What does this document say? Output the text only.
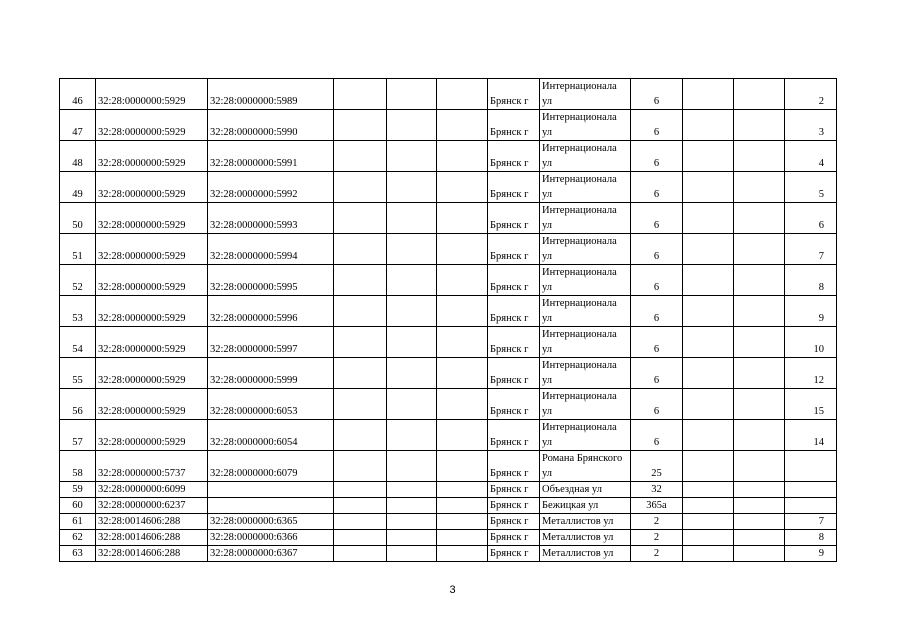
46	32:28:0000000:5929	32:28:0000000:5989				Брянск г	Интернационала ул	6			2
47	32:28:0000000:5929	32:28:0000000:5990				Брянск г	Интернационала ул	6			3
48	32:28:0000000:5929	32:28:0000000:5991				Брянск г	Интернационала ул	6			4
49	32:28:0000000:5929	32:28:0000000:5992				Брянск г	Интернационала ул	6			5
50	32:28:0000000:5929	32:28:0000000:5993				Брянск г	Интернационала ул	6			6
51	32:28:0000000:5929	32:28:0000000:5994				Брянск г	Интернационала ул	6			7
52	32:28:0000000:5929	32:28:0000000:5995				Брянск г	Интернационала ул	6			8
53	32:28:0000000:5929	32:28:0000000:5996				Брянск г	Интернационала ул	6			9
54	32:28:0000000:5929	32:28:0000000:5997				Брянск г	Интернационала ул	6			10
55	32:28:0000000:5929	32:28:0000000:5999				Брянск г	Интернационала ул	6			12
56	32:28:0000000:5929	32:28:0000000:6053				Брянск г	Интернационала ул	6			15
57	32:28:0000000:5929	32:28:0000000:6054				Брянск г	Интернационала ул	6			14
58	32:28:0000000:5737	32:28:0000000:6079				Брянск г	Романа Брянского ул	25			
59	32:28:0000000:6099					Брянск г	Объездная ул	32			
60	32:28:0000000:6237					Брянск г	Бежицкая ул	365а			
61	32:28:0014606:288	32:28:0000000:6365				Брянск г	Металлистов ул	2			7
62	32:28:0014606:288	32:28:0000000:6366				Брянск г	Металлистов ул	2			8
63	32:28:0014606:288	32:28:0000000:6367				Брянск г	Металлистов ул	2			9
3
